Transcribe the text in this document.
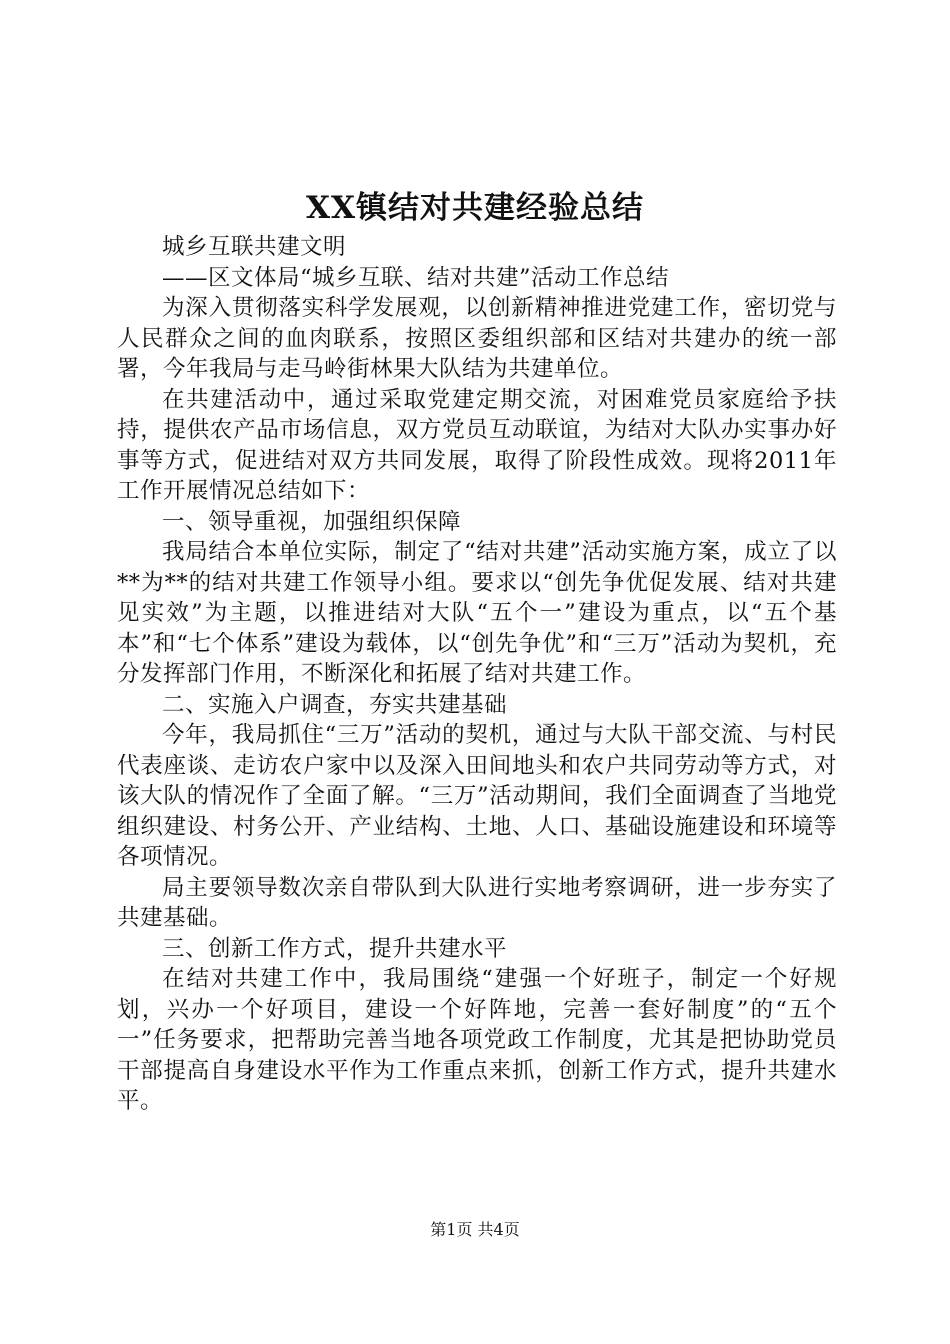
XX镇结对共建经验总结

城乡互联共建文明

——区文体局“城乡互联、结对共建”活动工作总结

为深入贯彻落实科学发展观，以创新精神推进党建工作，密切党与人民群众之间的血肉联系，按照区委组织部和区结对共建办的统一部署，今年我局与走马岭街林果大队结为共建单位。

在共建活动中，通过采取党建定期交流，对困难党员家庭给予扶持，提供农产品市场信息，双方党员互动联谊，为结对大队办实事办好事等方式，促进结对双方共同发展，取得了阶段性成效。现将2011年工作开展情况总结如下：

一、领导重视，加强组织保障

我局结合本单位实际，制定了“结对共建”活动实施方案，成立了以**为**的结对共建工作领导小组。要求以“创先争优促发展、结对共建见实效”为主题，以推进结对大队“五个一”建设为重点，以“五个基本”和“七个体系”建设为载体，以“创先争优”和“三万”活动为契机，充分发挥部门作用，不断深化和拓展了结对共建工作。

二、实施入户调查，夯实共建基础

今年，我局抓住“三万”活动的契机，通过与大队干部交流、与村民代表座谈、走访农户家中以及深入田间地头和农户共同劳动等方式，对该大队的情况作了全面了解。“三万”活动期间，我们全面调查了当地党组织建设、村务公开、产业结构、土地、人口、基础设施建设和环境等各项情况。

局主要领导数次亲自带队到大队进行实地考察调研，进一步夯实了共建基础。

三、创新工作方式，提升共建水平

在结对共建工作中，我局围绕“建强一个好班子，制定一个好规划，兴办一个好项目，建设一个好阵地，完善一套好制度”的“五个一”任务要求，把帮助完善当地各项党政工作制度，尤其是把协助党员干部提高自身建设水平作为工作重点来抓，创新工作方式，提升共建水平。

第1页 共4页
